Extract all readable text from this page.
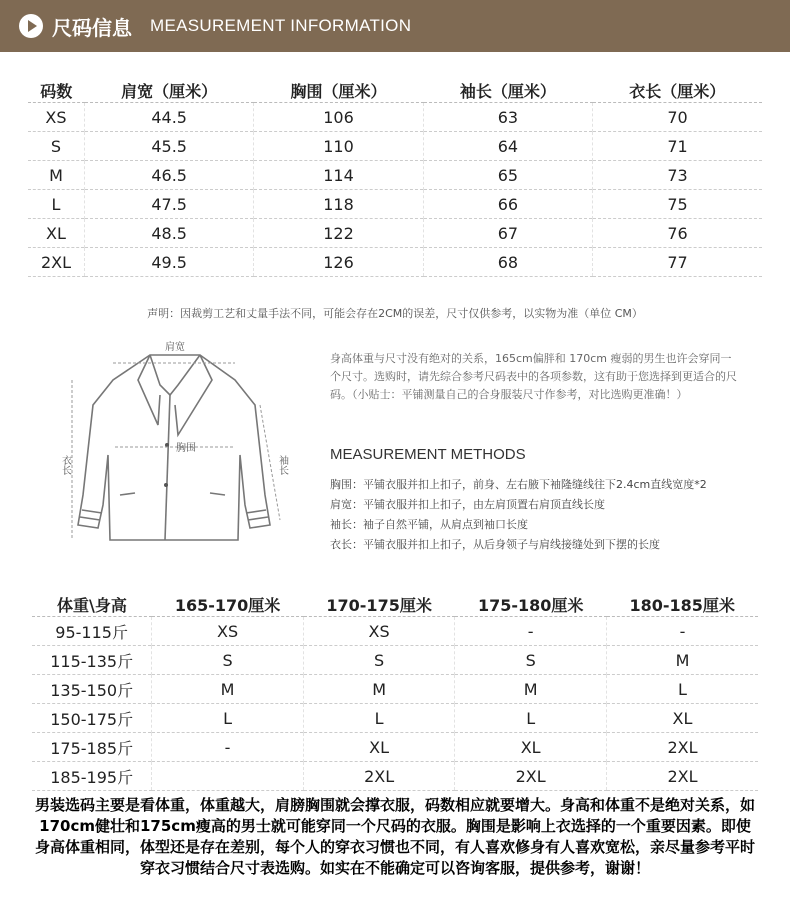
尺码信息 MEASUREMENT INFORMATION
码数	肩宽（厘米）	胸围（厘米）	袖长（厘米）	衣长（厘米）
XS	44.5	106	63	70
S	45.5	110	64	71
M	46.5	114	65	73
L	47.5	118	66	75
XL	48.5	122	67	76
2XL	49.5	126	68	77
声明：因裁剪工艺和丈量手法不同，可能会存在2CM的误差，尺寸仅供参考，以实物为准（单位 CM）
肩宽
胸围
衣长	袖长
身高体重与尺寸没有绝对的关系，165cm偏胖和 170cm 瘦弱的男生也许会穿同一个尺寸。选购时，请先综合参考尺码表中的各项参数，这有助于您选择到更适合的尺码。（小贴士：平铺测量自己的合身服装尺寸作参考，对比选购更准确！）
MEASUREMENT METHODS
胸围：平铺衣服并扣上扣子，前身、左右腋下袖隆缝线往下2.4cm直线宽度*2
肩宽：平铺衣服并扣上扣子，由左肩顶置右肩顶直线长度
袖长：袖子自然平铺，从肩点到袖口长度
衣长：平铺衣服并扣上扣子，从后身领子与肩线接缝处到下摆的长度
体重\身高	165-170厘米	170-175厘米	175-180厘米	180-185厘米
95-115斤	XS	XS	-	-
115-135斤	S	S	S	M
135-150斤	M	M	M	L
150-175斤	L	L	L	XL
175-185斤	-	XL	XL	2XL
185-195斤		2XL	2XL	2XL
男装选码主要是看体重，体重越大，肩膀胸围就会撑衣服，码数相应就要增大。身高和体重不是绝对关系，如170cm健壮和175cm瘦高的男士就可能穿同一个尺码的衣服。胸围是影响上衣选择的一个重要因素。即使身高体重相同，体型还是存在差别，每个人的穿衣习惯也不同，有人喜欢修身有人喜欢宽松，亲尽量参考平时穿衣习惯结合尺寸表选购。如实在不能确定可以咨询客服，提供参考，谢谢！
